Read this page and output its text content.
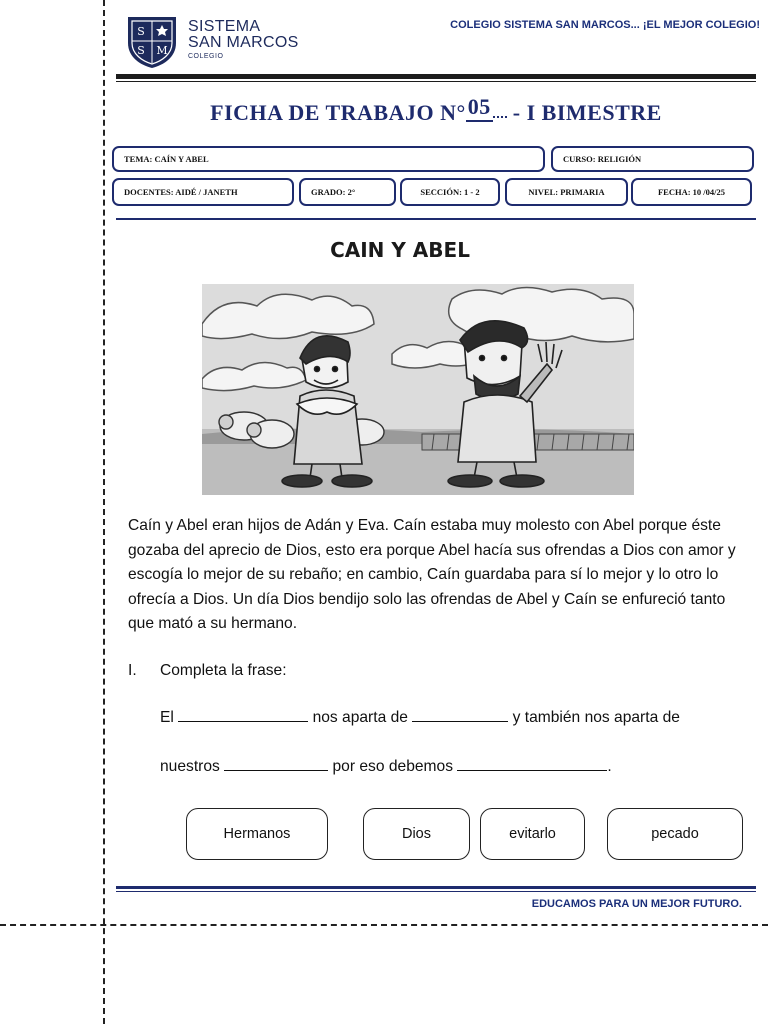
S
S M
SISTEMA
SAN MARCOS
COLEGIO
COLEGIO SISTEMA SAN MARCOS... ¡EL MEJOR COLEGIO!
FICHA DE TRABAJO N°05 - I BIMESTRE
TEMA: CAÍN Y ABEL	CURSO: RELIGIÓN
DOCENTES: AIDÉ / JANETH	GRADO: 2°	SECCIÓN: 1 - 2	NIVEL: PRIMARIA	FECHA: 10 /04/25
CAIN Y ABEL
Caín y Abel eran hijos de Adán y Eva. Caín estaba muy molesto con Abel porque éste gozaba del aprecio de Dios, esto era porque Abel hacía sus ofrendas a Dios con amor y escogía lo mejor de su rebaño; en cambio, Caín guardaba para sí lo mejor y lo otro lo ofrecía a Dios. Un día Dios bendijo solo las ofrendas de Abel y Caín se enfureció tanto que mató a su hermano.
I. Completa la frase:
El	nos aparta de	y también nos aparta de
nuestros	por eso debemos	.
Hermanos	Dios	evitarlo	pecado
EDUCAMOS PARA UN MEJOR FUTURO.
